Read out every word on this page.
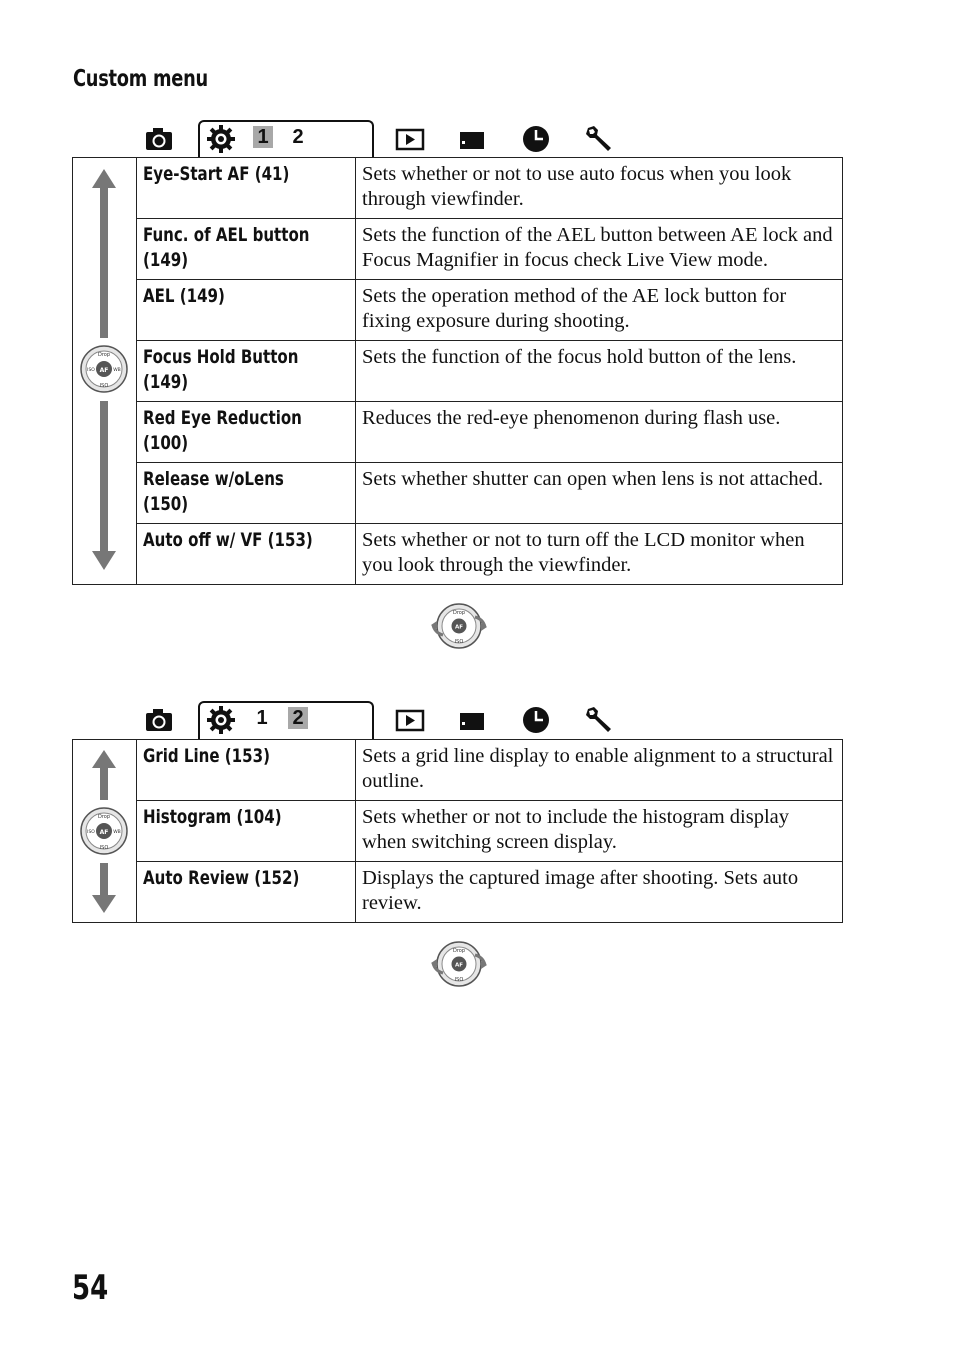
Custom menu
1 2
	Eye-Start AF (41)	Sets whether or not to use auto focus when you look through viewfinder.
	Func. of AEL button (149)	Sets the function of the AEL button between AE lock and Focus Magnifier in focus check Live View mode.
	AEL (149)	Sets the operation method of the AE lock button for fixing exposure during shooting.
	Focus Hold Button (149)	Sets the function of the focus hold button of the lens.
	Red Eye Reduction (100)	Reduces the red-eye phenomenon during flash use.
	Release w/oLens (150)	Sets whether shutter can open when lens is not attached.
	Auto off w/ VF (153)	Sets whether or not to turn off the LCD monitor when you look through the viewfinder.
1 2
	Grid Line (153)	Sets a grid line display to enable alignment to a structural outline.
	Histogram (104)	Sets whether or not to include the histogram display when switching screen display.
	Auto Review (152)	Displays the captured image after shooting. Sets auto review.
54
